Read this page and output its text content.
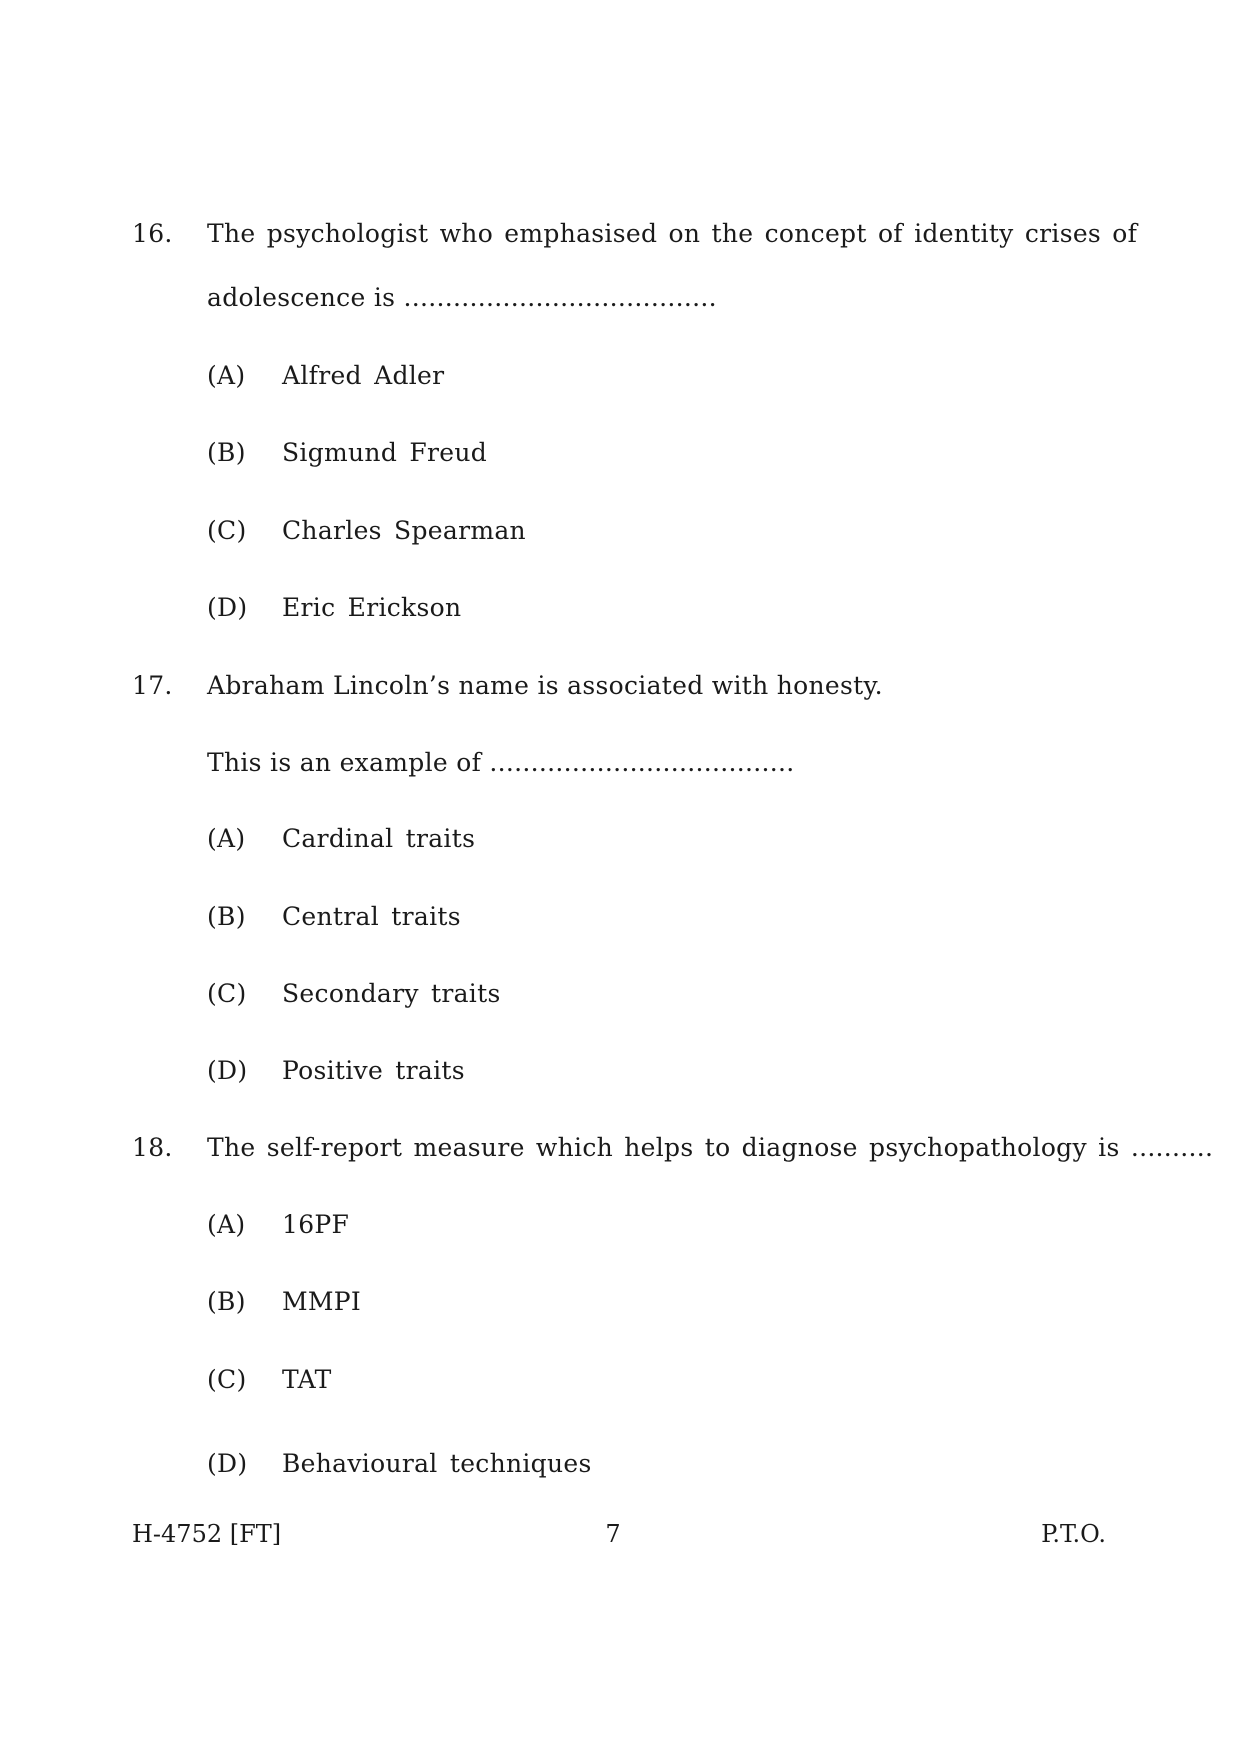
16. The psychologist who emphasised on the concept of identity crises of
adolescence is ......................................
(A) Alfred Adler
(B) Sigmund Freud
(C) Charles Spearman
(D) Eric Erickson
17. Abraham Lincoln’s name is associated with honesty.
This is an example of .....................................
(A) Cardinal traits
(B) Central traits
(C) Secondary traits
(D) Positive traits
18. The self-report measure which helps to diagnose psychopathology is ..........
(A) 16PF
(B) MMPI
(C) TAT
(D) Behavioural techniques
H-4752 [FT]	7	P.T.O.
